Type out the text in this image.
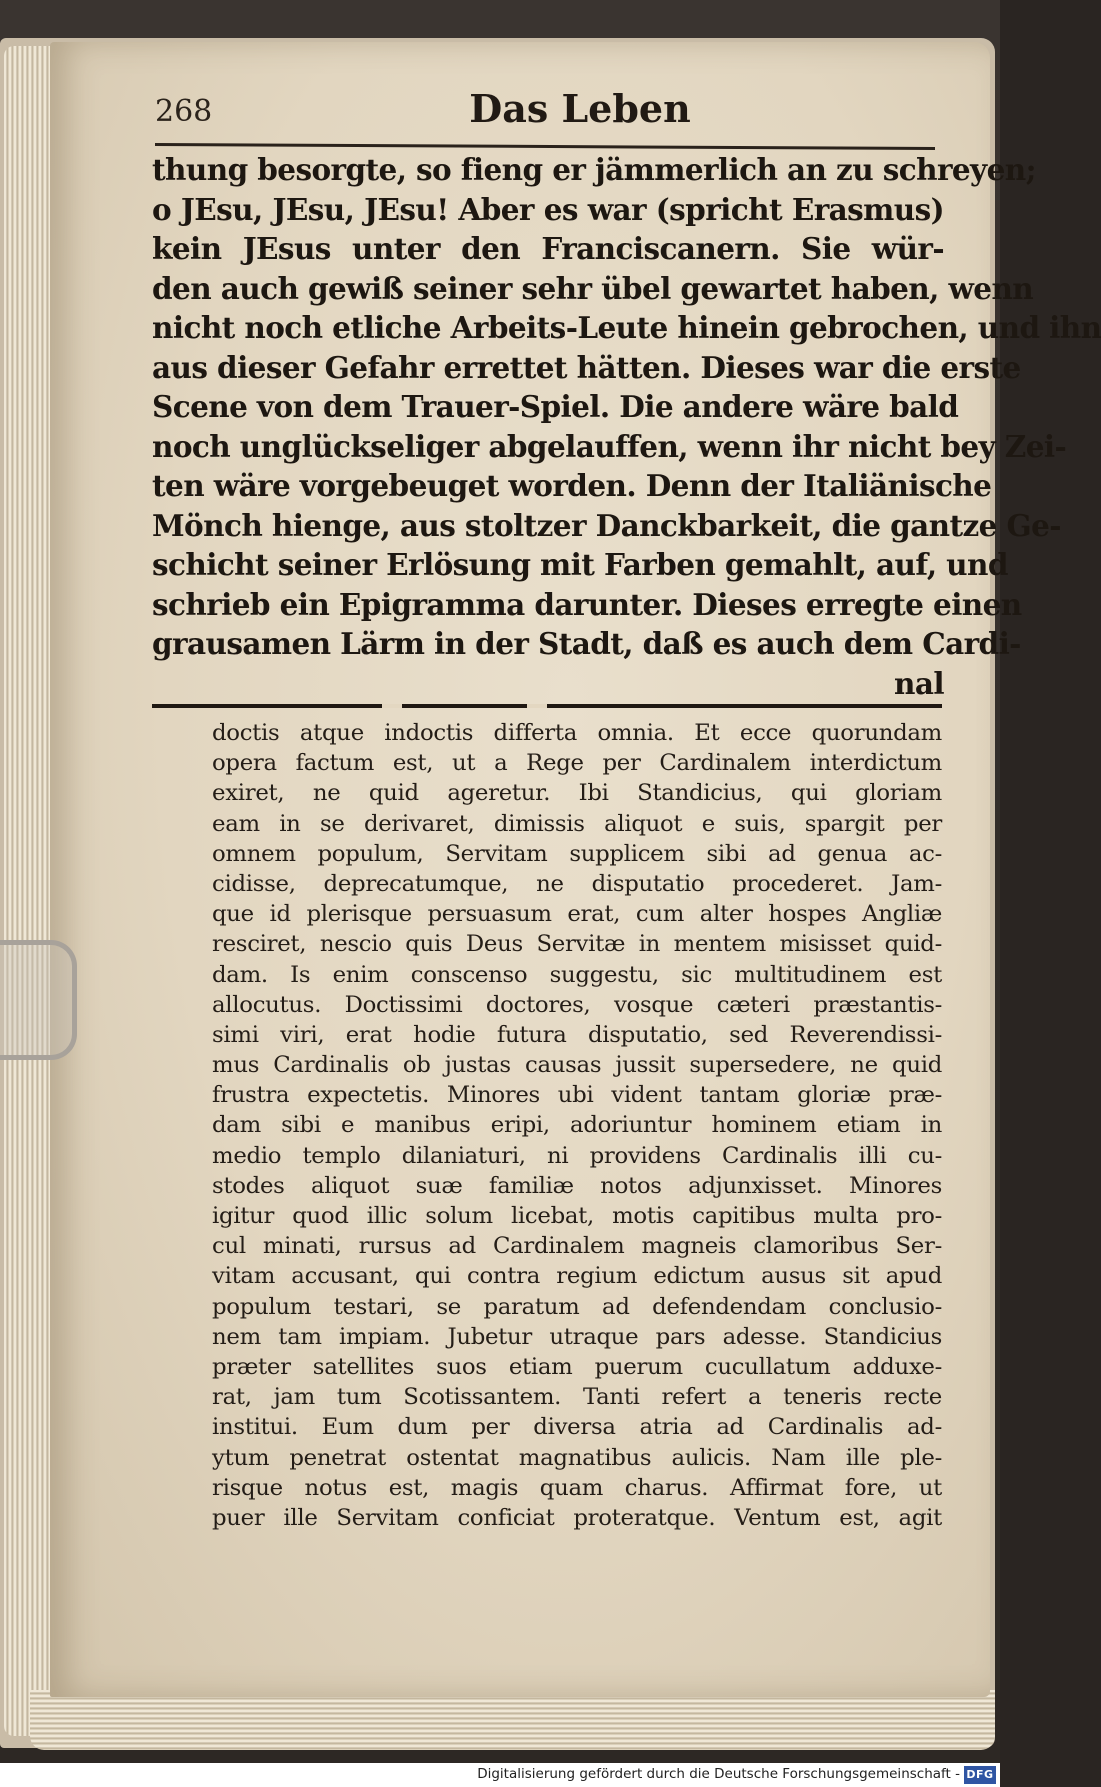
268	Das Leben
thung besorgte, so fieng er jämmerlich an zu schreyen;
o JEsu, JEsu, JEsu! Aber es war (spricht Erasmus)
kein JEsus unter den Franciscanern. Sie wür-
den auch gewiß seiner sehr übel gewartet haben, wenn
nicht noch etliche Arbeits-Leute hinein gebrochen, und ihn
aus dieser Gefahr errettet hätten. Dieses war die erste
Scene von dem Trauer-Spiel. Die andere wäre bald
noch unglückseliger abgelauffen, wenn ihr nicht bey Zei-
ten wäre vorgebeuget worden. Denn der Italiänische
Mönch hienge, aus stoltzer Danckbarkeit, die gantze Ge-
schicht seiner Erlösung mit Farben gemahlt, auf, und
schrieb ein Epigramma darunter. Dieses erregte einen
grausamen Lärm in der Stadt, daß es auch dem Cardi-
nal
doctis atque indoctis differta omnia. Et ecce quorundam
opera factum est, ut a Rege per Cardinalem interdictum
exiret, ne quid ageretur. Ibi Standicius, qui gloriam
eam in se derivaret, dimissis aliquot e suis, spargit per
omnem populum, Servitam supplicem sibi ad genua ac-
cidisse, deprecatumque, ne disputatio procederet. Jam-
que id plerisque persuasum erat, cum alter hospes Angliæ
resciret, nescio quis Deus Servitæ in mentem misisset quid-
dam. Is enim conscenso suggestu, sic multitudinem est
allocutus. Doctissimi doctores, vosque cæteri præstantis-
simi viri, erat hodie futura disputatio, sed Reverendissi-
mus Cardinalis ob justas causas jussit supersedere, ne quid
frustra expectetis. Minores ubi vident tantam gloriæ præ-
dam sibi e manibus eripi, adoriuntur hominem etiam in
medio templo dilaniaturi, ni providens Cardinalis illi cu-
stodes aliquot suæ familiæ notos adjunxisset. Minores
igitur quod illic solum licebat, motis capitibus multa pro-
cul minati, rursus ad Cardinalem magneis clamoribus Ser-
vitam accusant, qui contra regium edictum ausus sit apud
populum testari, se paratum ad defendendam conclusio-
nem tam impiam. Jubetur utraque pars adesse. Standicius
præter satellites suos etiam puerum cucullatum adduxe-
rat, jam tum Scotissantem. Tanti refert a teneris recte
institui. Eum dum per diversa atria ad Cardinalis ad-
ytum penetrat ostentat magnatibus aulicis. Nam ille ple-
risque notus est, magis quam charus. Affirmat fore, ut
puer ille Servitam conficiat proteratque. Ventum est, agit
Digitalisierung gefördert durch die Deutsche Forschungsgemeinschaft - DFG
